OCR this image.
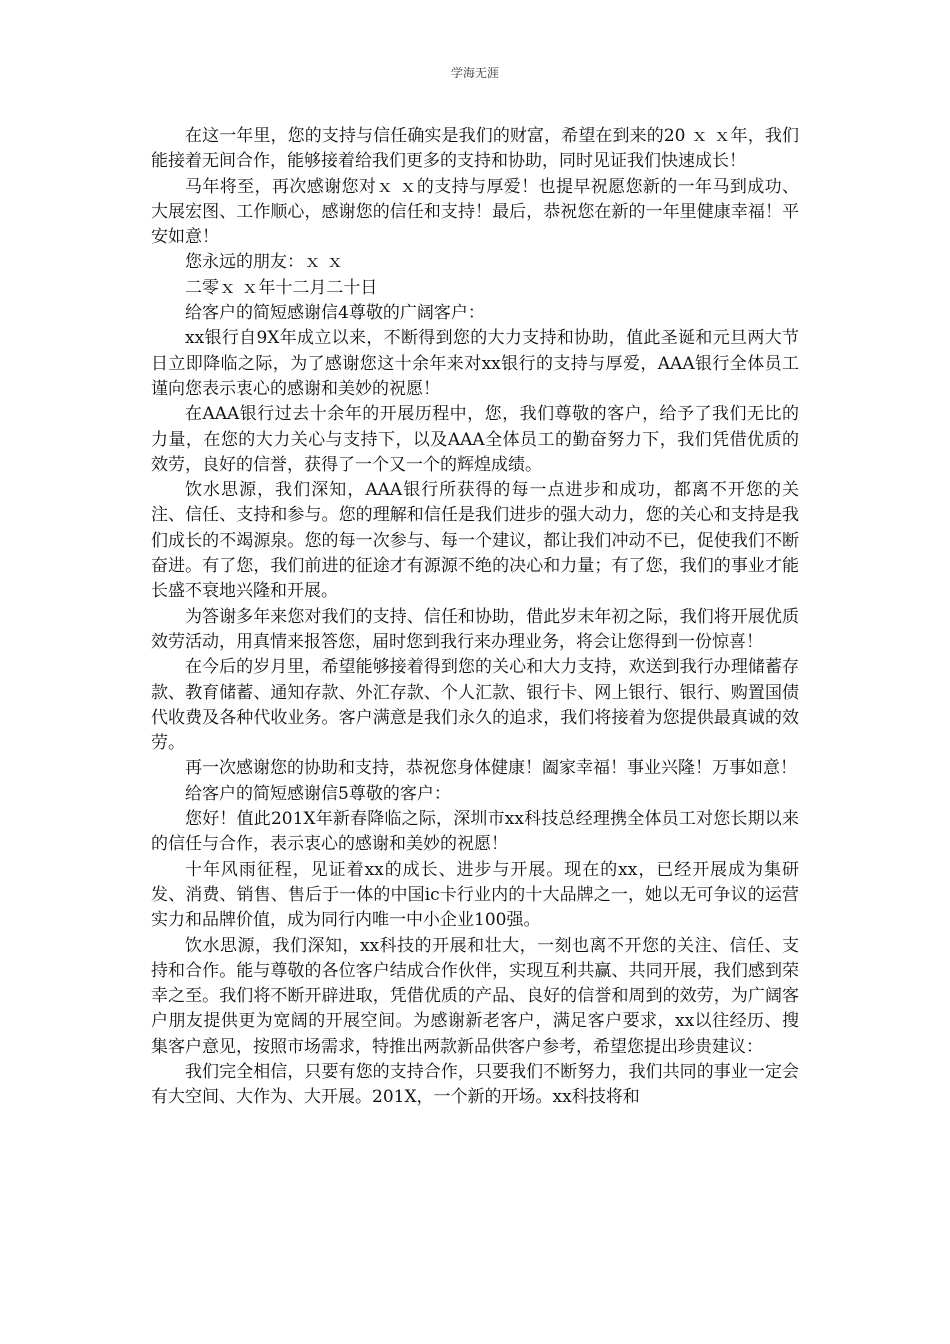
学海无涯

在这一年里，您的支持与信任确实是我们的财富，希望在到来的20 ｘ ｘ年，我们能接着无间合作，能够接着给我们更多的支持和协助，同时见证我们快速成长！

马年将至，再次感谢您对ｘ ｘ的支持与厚爱！也提早祝愿您新的一年马到成功、大展宏图、工作顺心，感谢您的信任和支持！最后，恭祝您在新的一年里健康幸福！平安如意！

您永远的朋友：ｘ ｘ

二零ｘ ｘ年十二月二十日

给客户的简短感谢信4尊敬的广阔客户：

xx银行自9X年成立以来，不断得到您的大力支持和协助，值此圣诞和元旦两大节日立即降临之际，为了感谢您这十余年来对xx银行的支持与厚爱，AAA银行全体员工谨向您表示衷心的感谢和美妙的祝愿！

在AAA银行过去十余年的开展历程中，您，我们尊敬的客户，给予了我们无比的力量，在您的大力关心与支持下，以及AAA全体员工的勤奋努力下，我们凭借优质的效劳，良好的信誉，获得了一个又一个的辉煌成绩。

饮水思源，我们深知，AAA银行所获得的每一点进步和成功，都离不开您的关注、信任、支持和参与。您的理解和信任是我们进步的强大动力，您的关心和支持是我们成长的不竭源泉。您的每一次参与、每一个建议，都让我们冲动不已，促使我们不断奋进。有了您，我们前进的征途才有源源不绝的决心和力量；有了您，我们的事业才能长盛不衰地兴隆和开展。

为答谢多年来您对我们的支持、信任和协助，借此岁末年初之际，我们将开展优质效劳活动，用真情来报答您，届时您到我行来办理业务，将会让您得到一份惊喜！

在今后的岁月里，希望能够接着得到您的关心和大力支持，欢送到我行办理储蓄存款、教育储蓄、通知存款、外汇存款、个人汇款、银行卡、网上银行、银行、购置国债代收费及各种代收业务。客户满意是我们永久的追求，我们将接着为您提供最真诚的效劳。

再一次感谢您的协助和支持，恭祝您身体健康！阖家幸福！事业兴隆！万事如意！

给客户的简短感谢信5尊敬的客户：

您好！值此201X年新春降临之际，深圳市xx科技总经理携全体员工对您长期以来的信任与合作，表示衷心的感谢和美妙的祝愿！

十年风雨征程，见证着xx的成长、进步与开展。现在的xx，已经开展成为集研发、消费、销售、售后于一体的中国ic卡行业内的十大品牌之一，她以无可争议的运营实力和品牌价值，成为同行内唯一中小企业100强。

饮水思源，我们深知，xx科技的开展和壮大，一刻也离不开您的关注、信任、支持和合作。能与尊敬的各位客户结成合作伙伴，实现互利共赢、共同开展，我们感到荣幸之至。我们将不断开辟进取，凭借优质的产品、良好的信誉和周到的效劳，为广阔客户朋友提供更为宽阔的开展空间。为感谢新老客户，满足客户要求，xx以往经历、搜集客户意见，按照市场需求，特推出两款新品供客户参考，希望您提出珍贵建议：

我们完全相信，只要有您的支持合作，只要我们不断努力，我们共同的事业一定会有大空间、大作为、大开展。201X，一个新的开场。xx科技将和
